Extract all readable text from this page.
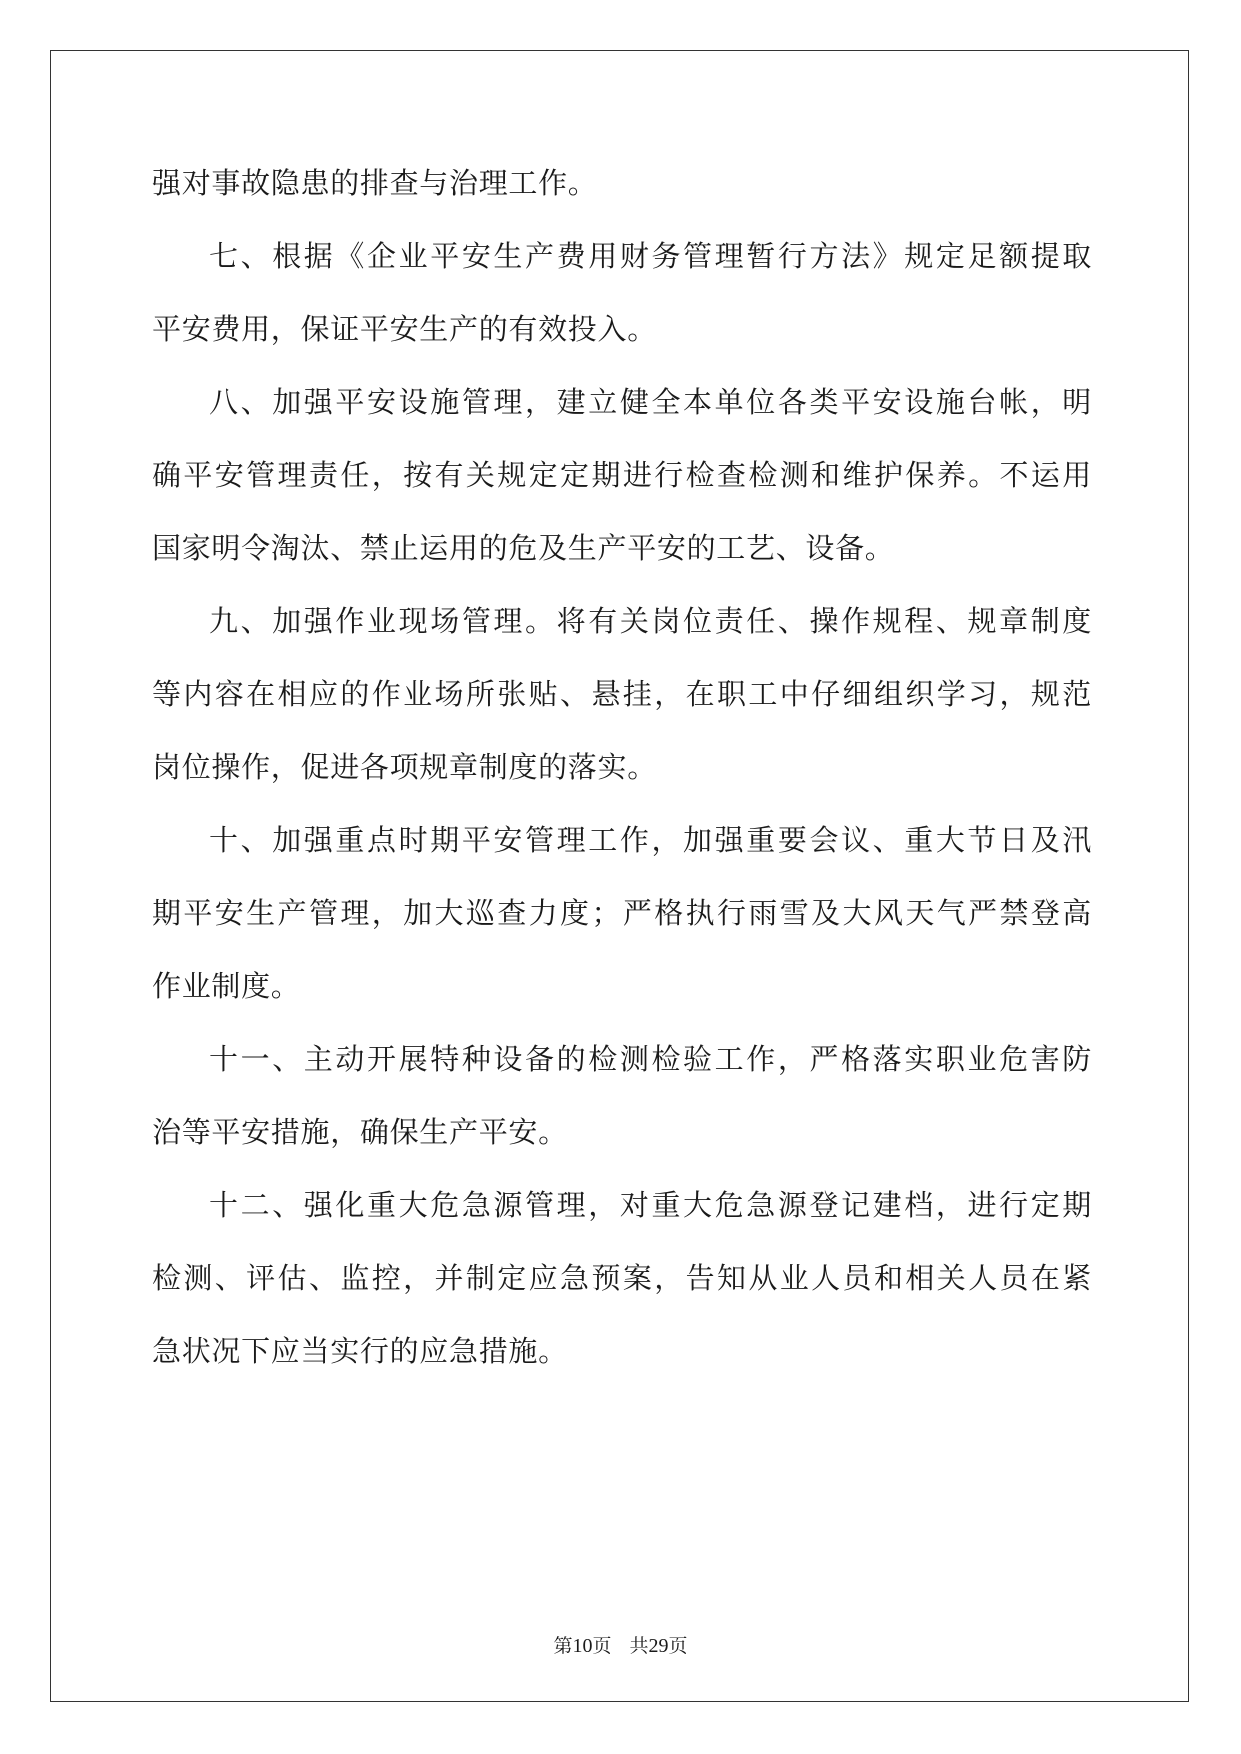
强对事故隐患的排查与治理工作。
七、根据《企业平安生产费用财务管理暂行方法》规定足额提取
平安费用，保证平安生产的有效投入。
八、加强平安设施管理，建立健全本单位各类平安设施台帐，明
确平安管理责任，按有关规定定期进行检查检测和维护保养。不运用
国家明令淘汰、禁止运用的危及生产平安的工艺、设备。
九、加强作业现场管理。将有关岗位责任、操作规程、规章制度
等内容在相应的作业场所张贴、悬挂，在职工中仔细组织学习，规范
岗位操作，促进各项规章制度的落实。
十、加强重点时期平安管理工作，加强重要会议、重大节日及汛
期平安生产管理，加大巡查力度；严格执行雨雪及大风天气严禁登高
作业制度。
十一、主动开展特种设备的检测检验工作，严格落实职业危害防
治等平安措施，确保生产平安。
十二、强化重大危急源管理，对重大危急源登记建档，进行定期
检测、评估、监控，并制定应急预案，告知从业人员和相关人员在紧
急状况下应当实行的应急措施。
第10页 共29页
